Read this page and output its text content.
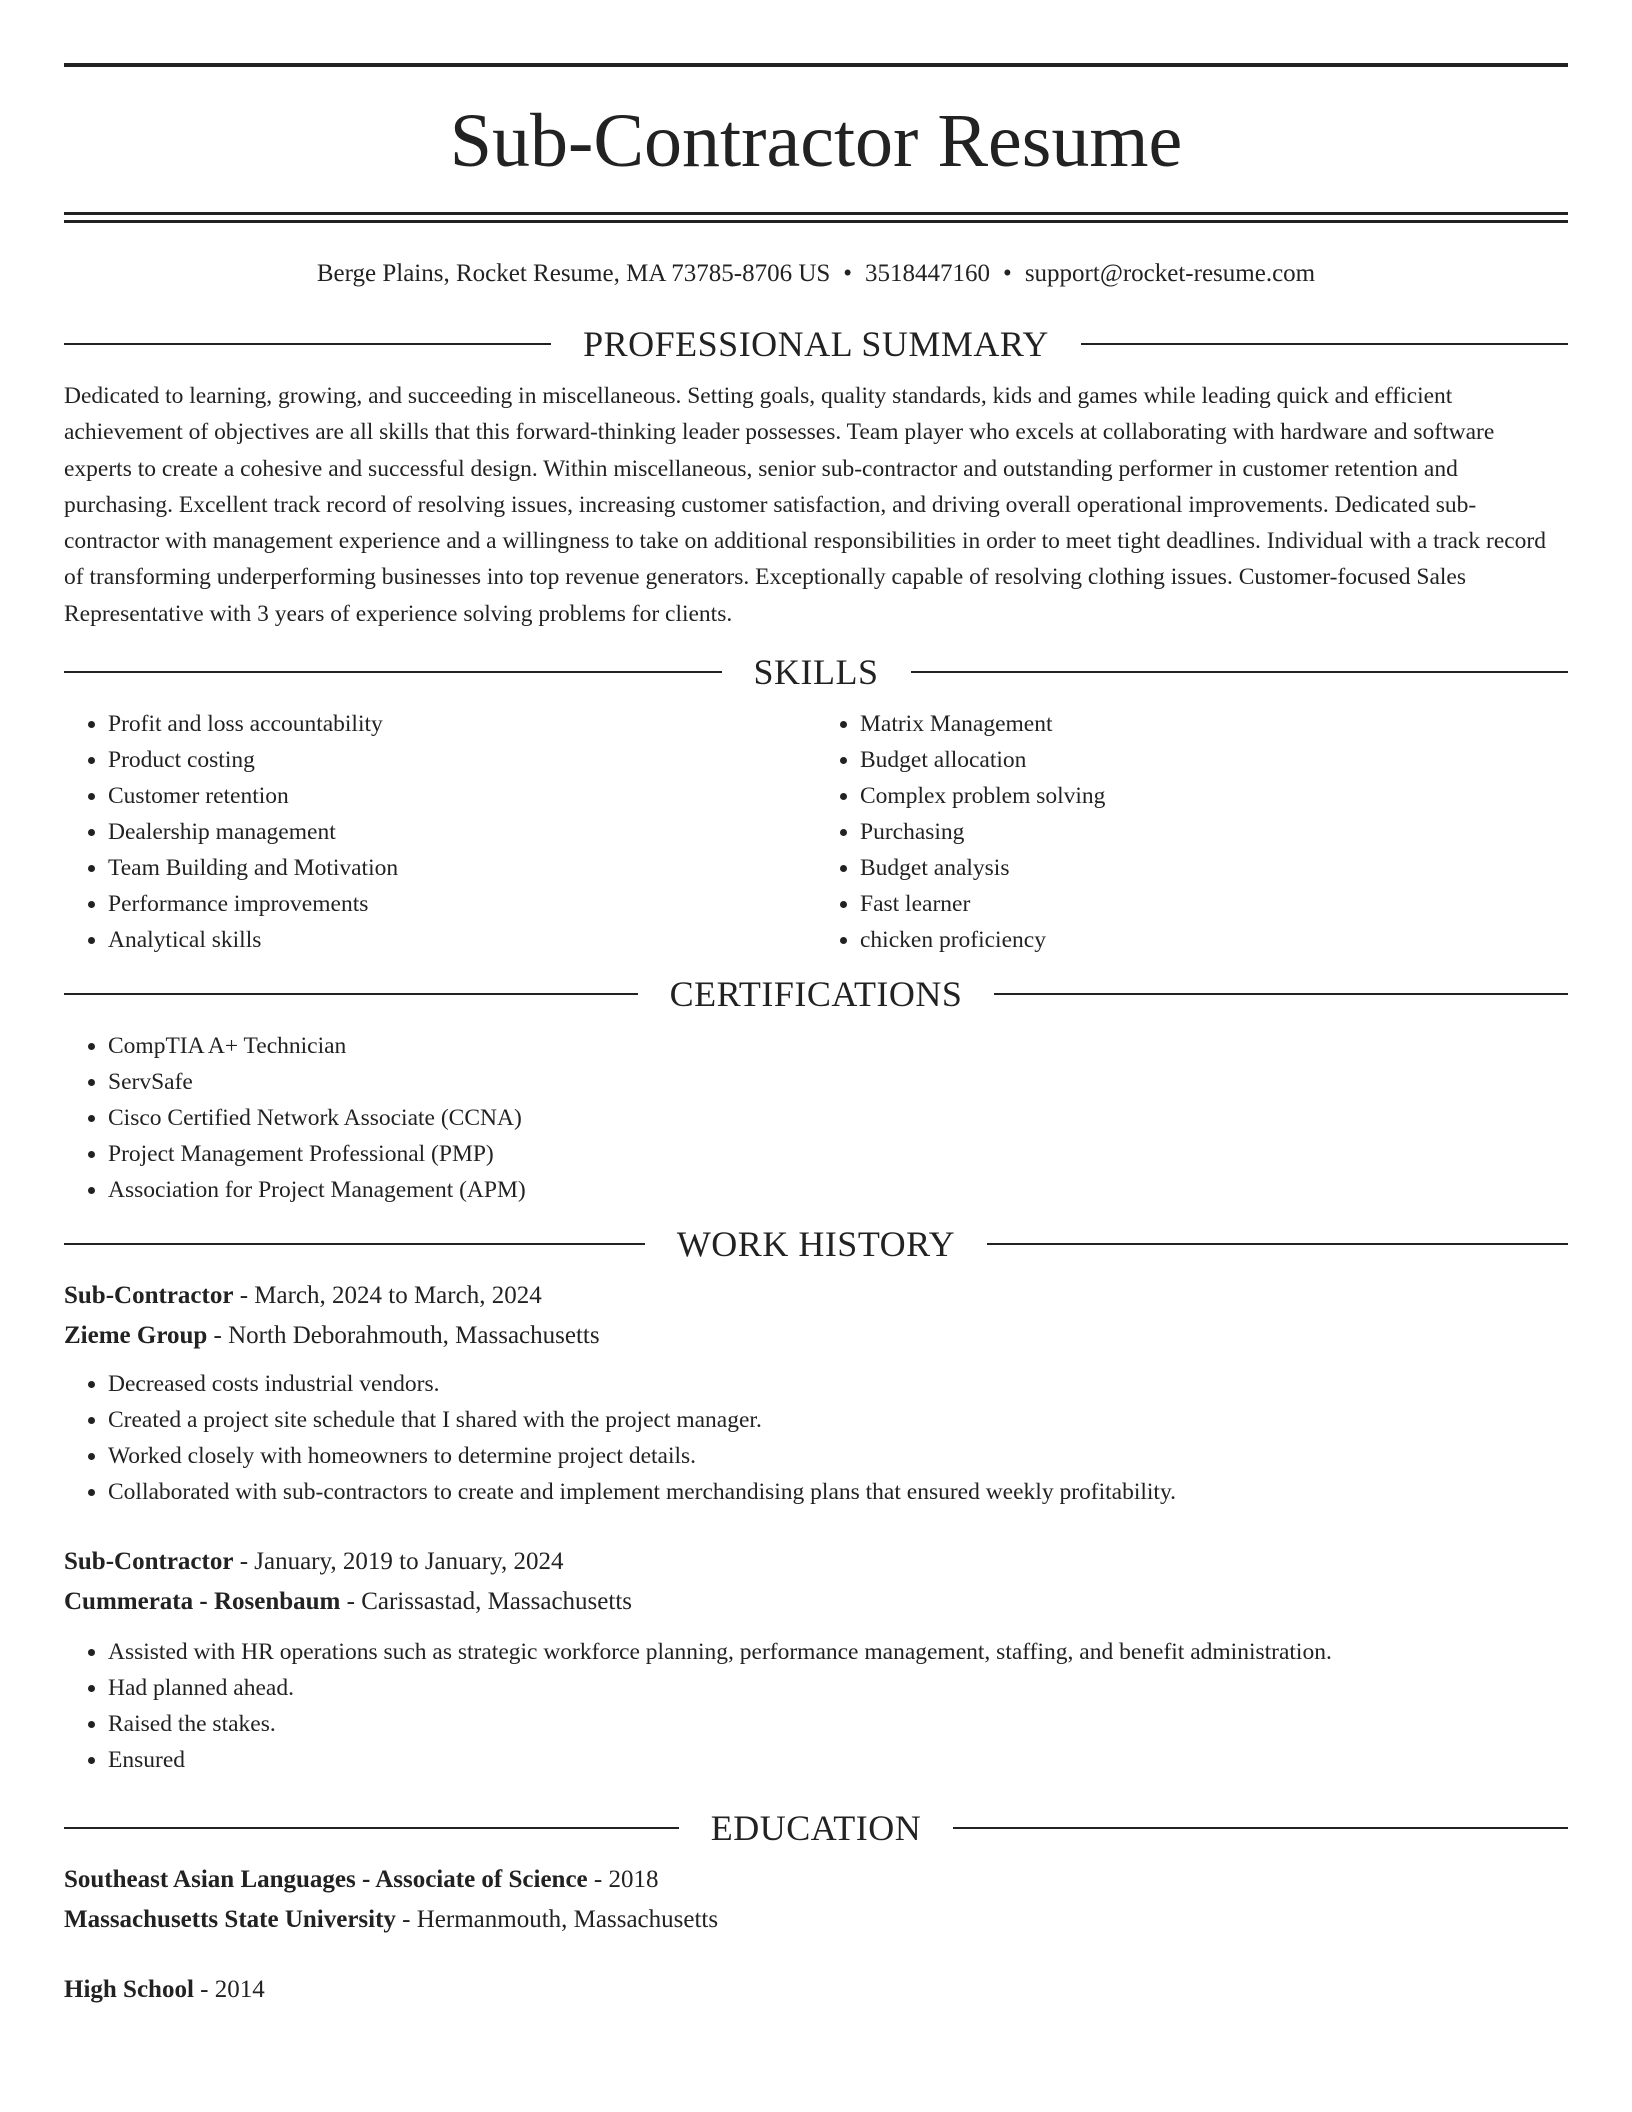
Sub-Contractor Resume
Berge Plains, Rocket Resume, MA 73785-8706 US • 3518447160 • support@rocket-resume.com
PROFESSIONAL SUMMARY

Dedicated to learning, growing, and succeeding in miscellaneous. Setting goals, quality standards, kids and games while leading quick and efficient achievement of objectives are all skills that this forward-thinking leader possesses. Team player who excels at collaborating with hardware and software experts to create a cohesive and successful design. Within miscellaneous, senior sub-contractor and outstanding performer in customer retention and purchasing. Excellent track record of resolving issues, increasing customer satisfaction, and driving overall operational improvements. Dedicated sub-contractor with management experience and a willingness to take on additional responsibilities in order to meet tight deadlines. Individual with a track record of transforming underperforming businesses into top revenue generators. Exceptionally capable of resolving clothing issues. Customer-focused Sales Representative with 3 years of experience solving problems for clients.

SKILLS
• Profit and loss accountability
• Product costing
• Customer retention
• Dealership management
• Team Building and Motivation
• Performance improvements
• Analytical skills
• Matrix Management
• Budget allocation
• Complex problem solving
• Purchasing
• Budget analysis
• Fast learner
• chicken proficiency
CERTIFICATIONS
• CompTIA A+ Technician
• ServSafe
• Cisco Certified Network Associate (CCNA)
• Project Management Professional (PMP)
• Association for Project Management (APM)
WORK HISTORY
Sub-Contractor - March, 2024 to March, 2024
Zieme Group - North Deborahmouth, Massachusetts
• Decreased costs industrial vendors.
• Created a project site schedule that I shared with the project manager.
• Worked closely with homeowners to determine project details.
• Collaborated with sub-contractors to create and implement merchandising plans that ensured weekly profitability.
Sub-Contractor - January, 2019 to January, 2024
Cummerata - Rosenbaum - Carissastad, Massachusetts
• Assisted with HR operations such as strategic workforce planning, performance management, staffing, and benefit administration.
• Had planned ahead.
• Raised the stakes.
• Ensured
EDUCATION
Southeast Asian Languages - Associate of Science - 2018
Massachusetts State University - Hermanmouth, Massachusetts
High School - 2014
